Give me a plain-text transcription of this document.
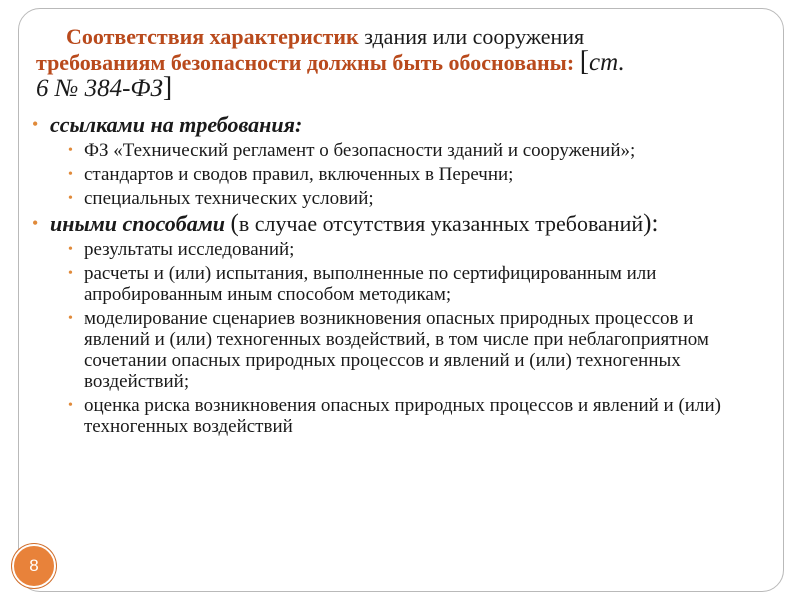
Соответствия характеристик здания или сооружения
требованиям безопасности должны быть обоснованы: [ст.
6 № 384-ФЗ]
• ссылками на требования:
• ФЗ «Технический регламент о безопасности зданий и сооружений»;
• стандартов и сводов правил, включенных в Перечни;
• специальных технических условий;
• иными способами (в случае отсутствия указанных требований):
• результаты исследований;
• расчеты и (или) испытания, выполненные по сертифицированным или апробированным иным способом методикам;
• моделирование сценариев возникновения опасных природных процессов и явлений и (или) техногенных воздействий, в том числе при неблагоприятном сочетании опасных природных процессов и явлений и (или) техногенных воздействий;
• оценка риска возникновения опасных природных процессов и явлений и (или) техногенных воздействий
8
